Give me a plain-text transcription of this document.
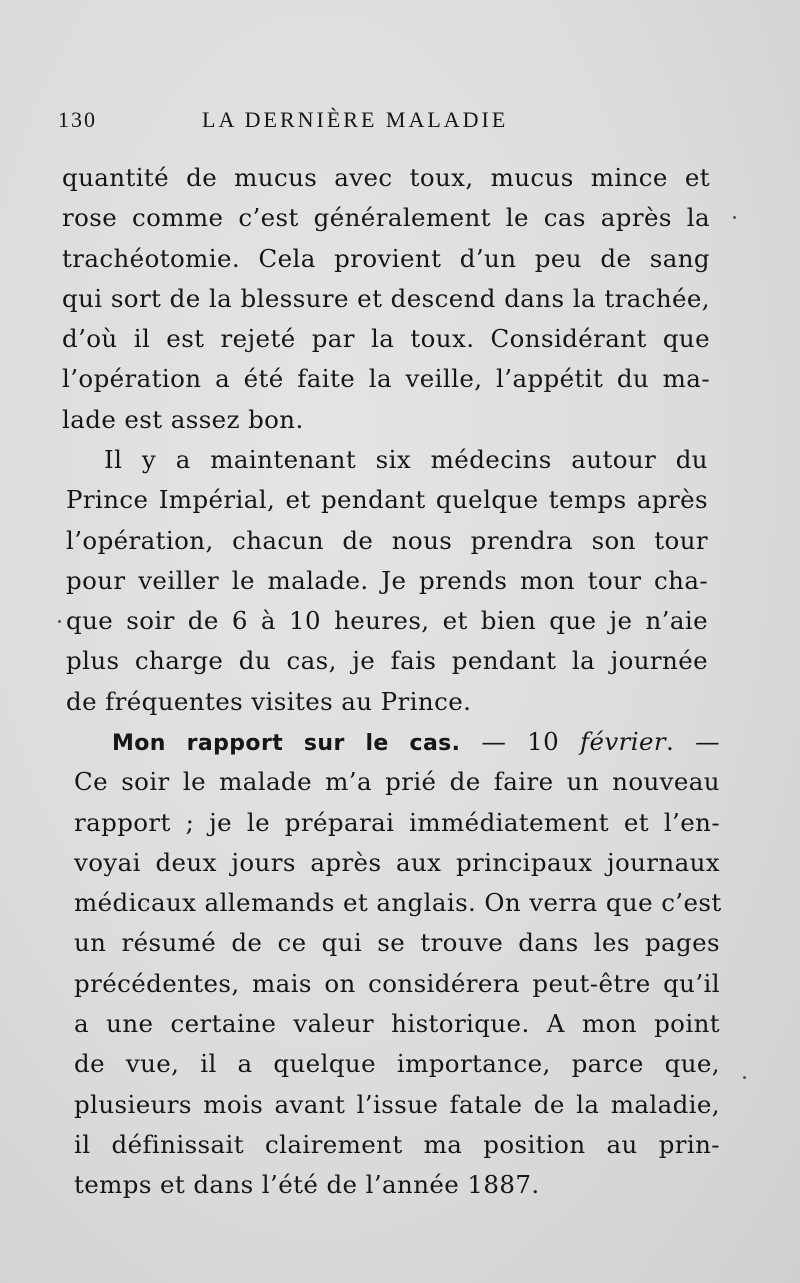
130	LA DERNIÈRE MALADIE
quantité de mucus avec toux, mucus mince et
rose comme c’est généralement le cas après la
trachéotomie. Cela provient d’un peu de sang
qui sort de la blessure et descend dans la trachée,
d’où il est rejeté par la toux. Considérant que
l’opération a été faite la veille, l’appétit du ma-
lade est assez bon.
Il y a maintenant six médecins autour du
Prince Impérial, et pendant quelque temps après
l’opération, chacun de nous prendra son tour
pour veiller le malade. Je prends mon tour cha-
que soir de 6 à 10 heures, et bien que je n’aie
plus charge du cas, je fais pendant la journée
de fréquentes visites au Prince.
Mon rapport sur le cas. — 10 février. —
Ce soir le malade m’a prié de faire un nouveau
rapport ; je le préparai immédiatement et l’en-
voyai deux jours après aux principaux journaux
médicaux allemands et anglais. On verra que c’est
un résumé de ce qui se trouve dans les pages
précédentes, mais on considérera peut-être qu’il
a une certaine valeur historique. A mon point
de vue, il a quelque importance, parce que,
plusieurs mois avant l’issue fatale de la maladie,
il définissait clairement ma position au prin-
temps et dans l’été de l’année 1887.
